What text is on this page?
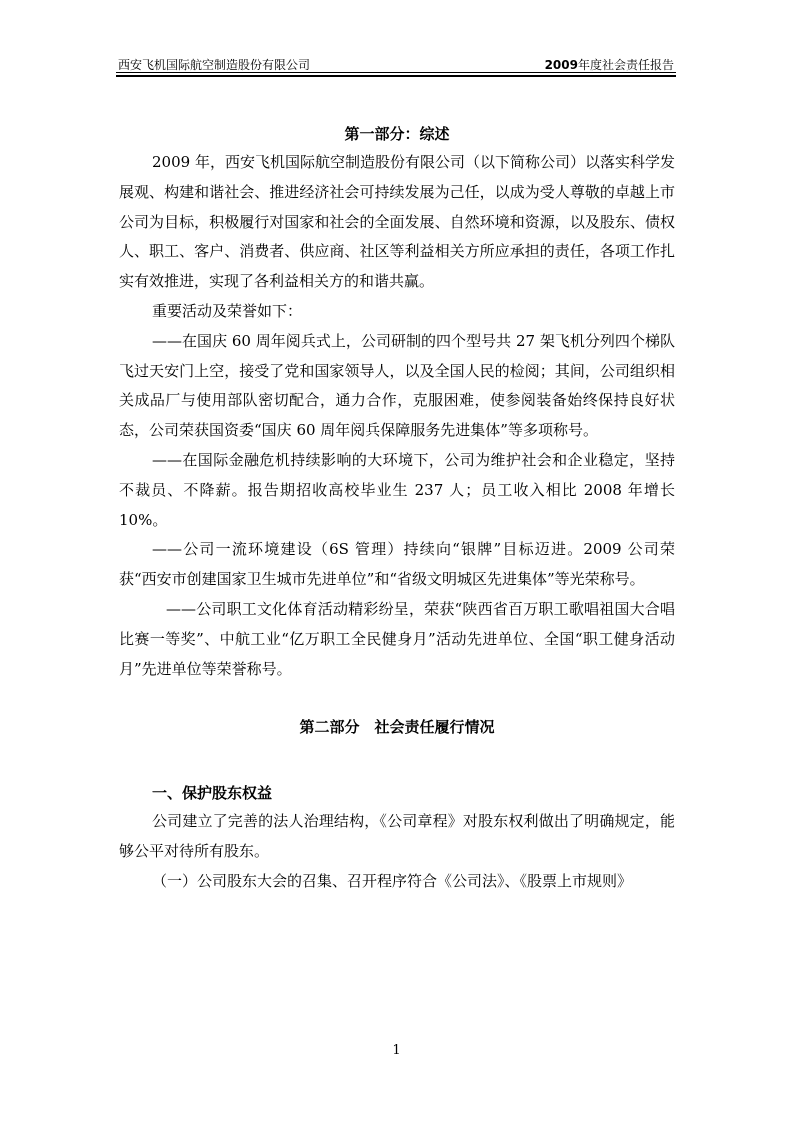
西安飞机国际航空制造股份有限公司	2009年度社会责任报告
第一部分：综述

2009 年，西安飞机国际航空制造股份有限公司（以下简称公司）以落实科学发展观、构建和谐社会、推进经济社会可持续发展为己任，以成为受人尊敬的卓越上市公司为目标，积极履行对国家和社会的全面发展、自然环境和资源，以及股东、债权人、职工、客户、消费者、供应商、社区等利益相关方所应承担的责任，各项工作扎实有效推进，实现了各利益相关方的和谐共赢。

重要活动及荣誉如下：

——在国庆 60 周年阅兵式上，公司研制的四个型号共 27 架飞机分列四个梯队飞过天安门上空，接受了党和国家领导人，以及全国人民的检阅；其间，公司组织相关成品厂与使用部队密切配合，通力合作，克服困难，使参阅装备始终保持良好状态，公司荣获国资委“国庆 60 周年阅兵保障服务先进集体”等多项称号。

——在国际金融危机持续影响的大环境下，公司为维护社会和企业稳定，坚持不裁员、不降薪。报告期招收高校毕业生 237 人；员工收入相比 2008 年增长 10%。

——公司一流环境建设（6S 管理）持续向“银牌”目标迈进。2009 公司荣获“西安市创建国家卫生城市先进单位”和“省级文明城区先进集体”等光荣称号。

——公司职工文化体育活动精彩纷呈，荣获“陕西省百万职工歌唱祖国大合唱比赛一等奖”、中航工业“亿万职工全民健身月”活动先进单位、全国“职工健身活动月”先进单位等荣誉称号。

第二部分　社会责任履行情况
一、保护股东权益

公司建立了完善的法人治理结构，《公司章程》对股东权利做出了明确规定，能够公平对待所有股东。

（一）公司股东大会的召集、召开程序符合《公司法》、《股票上市规则》

1
